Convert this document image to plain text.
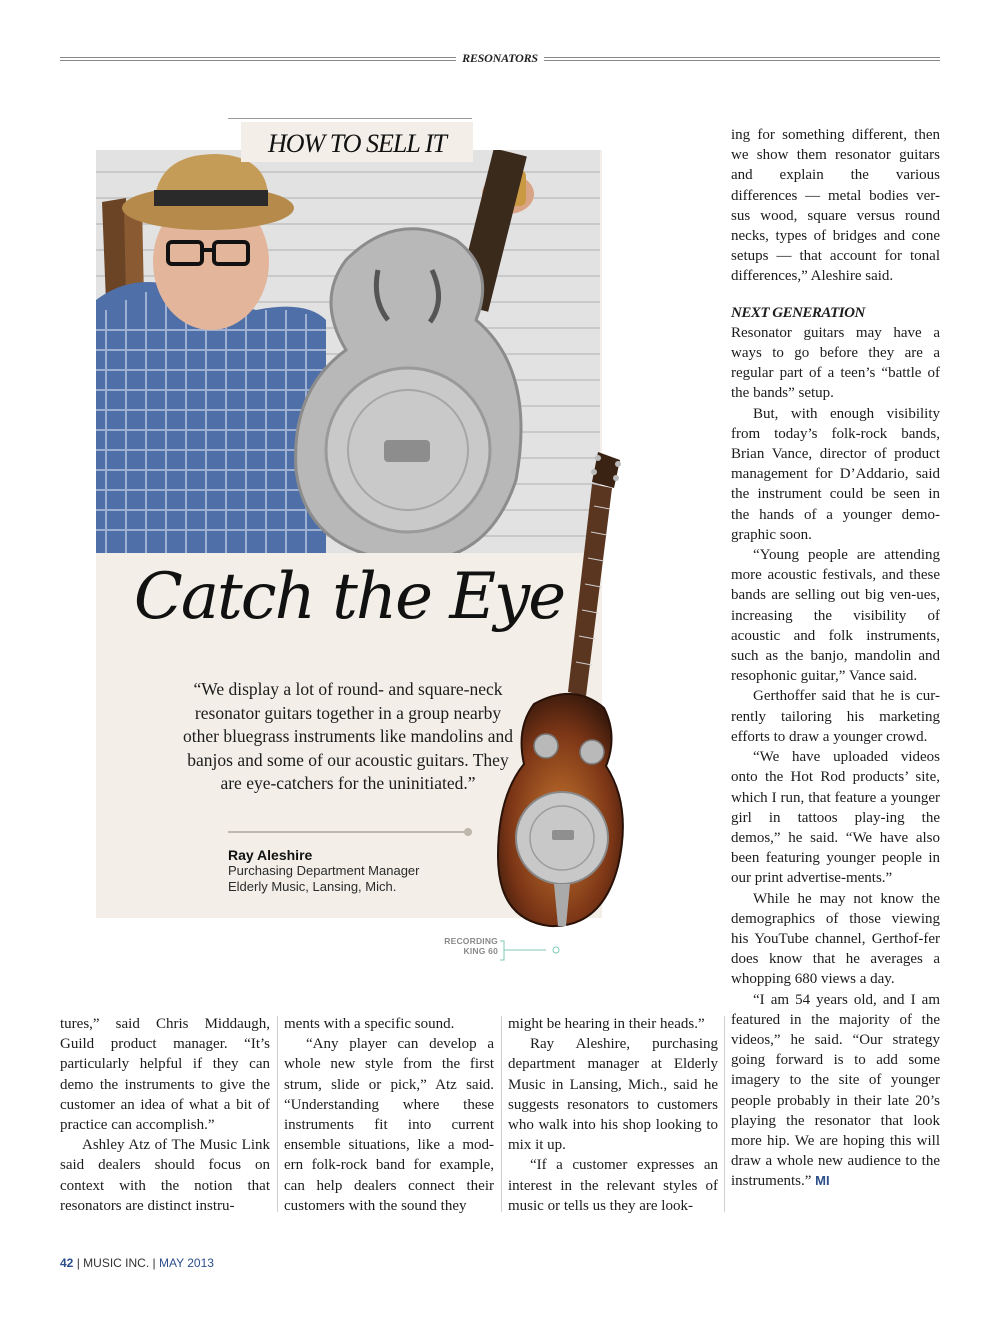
RESONATORS
HOW TO SELL IT
Catch the Eye
“We display a lot of round- and square-neck resonator guitars together in a group nearby other bluegrass instruments like mandolins and banjos and some of our acoustic guitars. They are eye-catchers for the uninitiated.”
Ray Aleshire
Purchasing Department Manager
Elderly Music, Lansing, Mich.
RECORDING
KING 60

ing for something different, then we show them resonator guitars and explain the various differences — metal bodies ver-sus wood, square versus round necks, types of bridges and cone setups — that account for tonal differences,” Aleshire said.

NEXT GENERATION

Resonator guitars may have a ways to go before they are a regular part of a teen’s “battle of the bands” setup.

But, with enough visibility from today’s folk-rock bands, Brian Vance, director of product management for D’Addario, said the instrument could be seen in the hands of a younger demo-graphic soon.

“Young people are attending more acoustic festivals, and these bands are selling out big ven-ues, increasing the visibility of acoustic and folk instruments, such as the banjo, mandolin and resophonic guitar,” Vance said.

Gerthoffer said that he is cur-rently tailoring his marketing efforts to draw a younger crowd.

“We have uploaded videos onto the Hot Rod products’ site, which I run, that feature a younger girl in tattoos play-ing the demos,” he said. “We have also been featuring younger people in our print advertise-ments.”

While he may not know the demographics of those viewing his YouTube channel, Gerthof-fer does know that he averages a whopping 680 views a day.

“I am 54 years old, and I am featured in the majority of the videos,” he said. “Our strategy going forward is to add some imagery to the site of younger people probably in their late 20’s playing the resonator that look more hip. We are hoping this will draw a whole new audience to the instruments.” MI

tures,” said Chris Middaugh, Guild product manager. “It’s particularly helpful if they can demo the instruments to give the customer an idea of what a bit of practice can accomplish.”

Ashley Atz of The Music Link said dealers should focus on context with the notion that resonators are distinct instru-

ments with a specific sound.

“Any player can develop a whole new style from the first strum, slide or pick,” Atz said. “Understanding where these instruments fit into current ensemble situations, like a mod-ern folk-rock band for example, can help dealers connect their customers with the sound they

might be hearing in their heads.”

Ray Aleshire, purchasing department manager at Elderly Music in Lansing, Mich., said he suggests resonators to customers who walk into his shop looking to mix it up.

“If a customer expresses an interest in the relevant styles of music or tells us they are look-

42 | MUSIC INC. | MAY 2013
